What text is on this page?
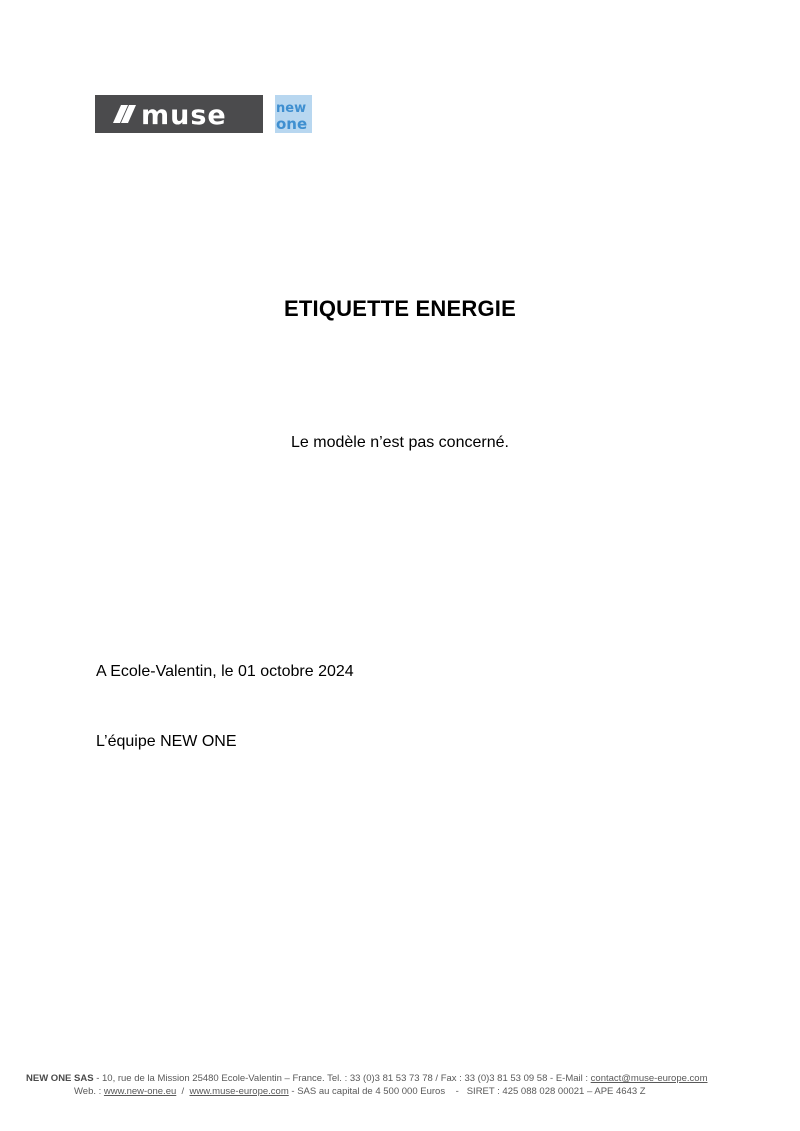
muse	new
one
ETIQUETTE ENERGIE
Le modèle n’est pas concerné.
A Ecole-Valentin, le 01 octobre 2024
L’équipe NEW ONE
NEW ONE SAS - 10, rue de la Mission 25480 Ecole-Valentin – France. Tel. : 33 (0)3 81 53 73 78 / Fax : 33 (0)3 81 53 09 58 - E-Mail : contact@muse-europe.com
Web. : www.new-one.eu  /  www.muse-europe.com - SAS au capital de 4 500 000 Euros    -   SIRET : 425 088 028 00021 – APE 4643 Z
